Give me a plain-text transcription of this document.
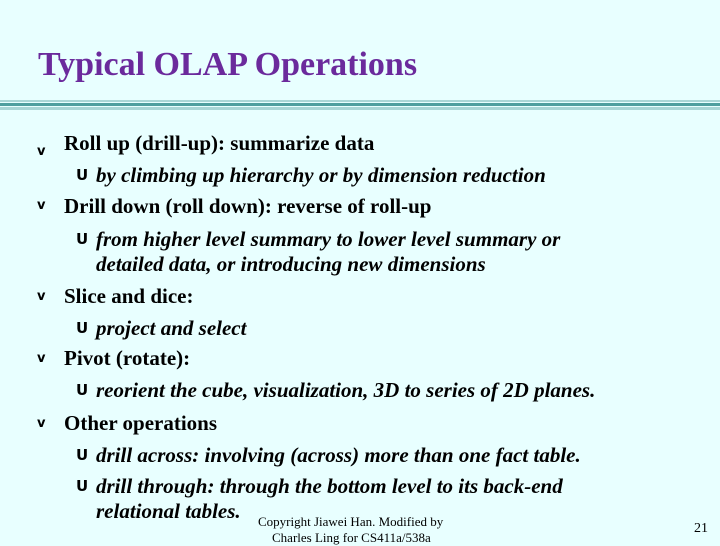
Typical OLAP Operations
v Roll up (drill-up): summarize data
U by climbing up hierarchy or by dimension reduction
v Drill down (roll down): reverse of roll-up
U from higher level summary to lower level summary or
detailed data, or introducing new dimensions
v Slice and dice:
U project and select
v Pivot (rotate):
U reorient the cube, visualization, 3D to series of 2D planes.
v Other operations
U drill across: involving (across) more than one fact table.
U drill through: through the bottom level to its back-end
relational tables. Copyright Jiawei Han. Modified by
Charles Ling for CS411a/538a
21
